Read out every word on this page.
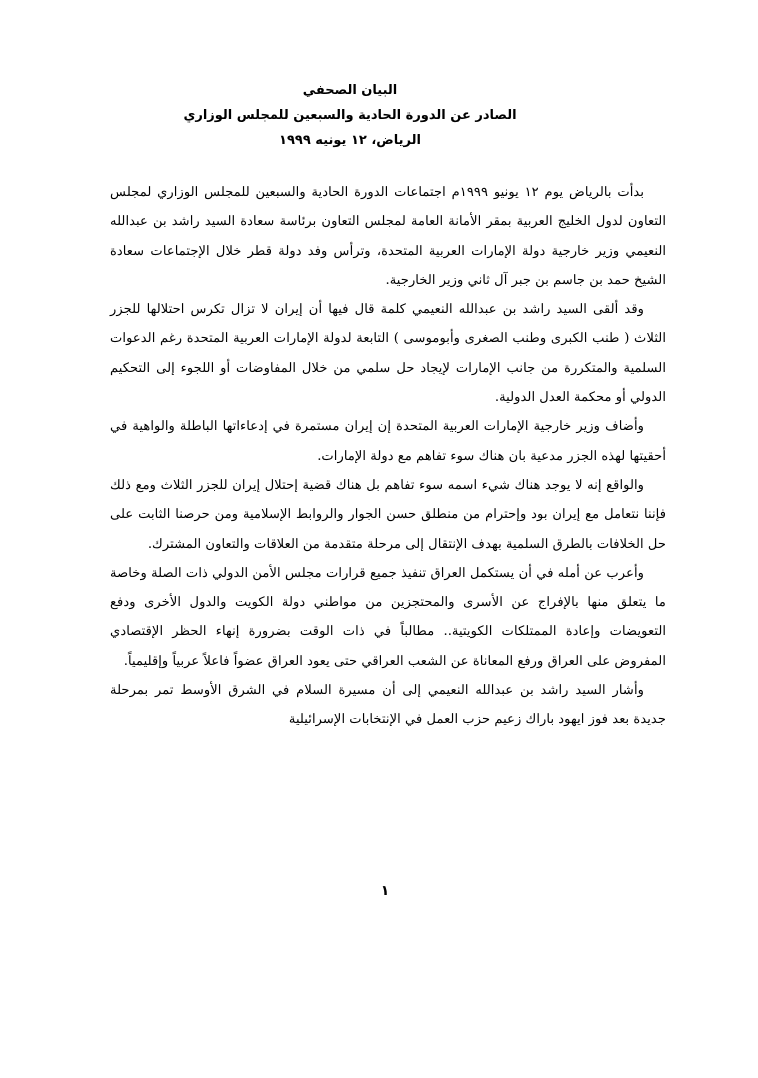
البيان الصحفي
الصادر عن الدورة الحادية والسبعين للمجلس الوزاري
الرياض، ١٢ يونيه ١٩٩٩

بدأت بالرياض يوم ١٢ يونيو ١٩٩٩م اجتماعات الدورة الحادية والسبعين للمجلس الوزاري لمجلس التعاون لدول الخليج العربية بمقر الأمانة العامة لمجلس التعاون برئاسة سعادة السيد راشد بن عبدالله النعيمي وزير خارجية دولة الإمارات العربية المتحدة، وترأس وفد دولة قطر خلال الإجتماعات سعادة الشيخ حمد بن جاسم بن جبر آل ثاني وزير الخارجية.

وقد ألقى السيد راشد بن عبدالله النعيمي كلمة قال فيها أن إيران لا تزال تكرس احتلالها للجزر الثلاث ( طنب الكبرى وطنب الصغرى وأبوموسى ) التابعة لدولة الإمارات العربية المتحدة رغم الدعوات السلمية والمتكررة من جانب الإمارات لإيجاد حل سلمي من خلال المفاوضات أو اللجوء إلى التحكيم الدولي أو محكمة العدل الدولية.

وأضاف وزير خارجية الإمارات العربية المتحدة إن إيران مستمرة في إدعاءاتها الباطلة والواهية في أحقيتها لهذه الجزر مدعية بان هناك سوء تفاهم مع دولة الإمارات.

والواقع إنه لا يوجد هناك شيء اسمه سوء تفاهم بل هناك قضية إحتلال إيران للجزر الثلاث ومع ذلك فإننا نتعامل مع إيران بود وإحترام من منطلق حسن الجوار والروابط الإسلامية ومن حرصنا الثابت على حل الخلافات بالطرق السلمية بهدف الإنتقال إلى مرحلة متقدمة من العلاقات والتعاون المشترك.

وأعرب عن أمله في أن يستكمل العراق تنفيذ جميع قرارات مجلس الأمن الدولي ذات الصلة وخاصة ما يتعلق منها بالإفراج عن الأسرى والمحتجزين من مواطني دولة الكويت والدول الأخرى ودفع التعويضات وإعادة الممتلكات الكويتية.. مطالباً في ذات الوقت بضرورة إنهاء الحظر الإقتصادي المفروض على العراق ورفع المعاناة عن الشعب العراقي حتى يعود العراق عضواً فاعلاً عربياً وإقليمياً.

وأشار السيد راشد بن عبدالله النعيمي إلى أن مسيرة السلام في الشرق الأوسط تمر بمرحلة جديدة بعد فوز ايهود باراك زعيم حزب العمل في الإنتخابات الإسرائيلية

١
